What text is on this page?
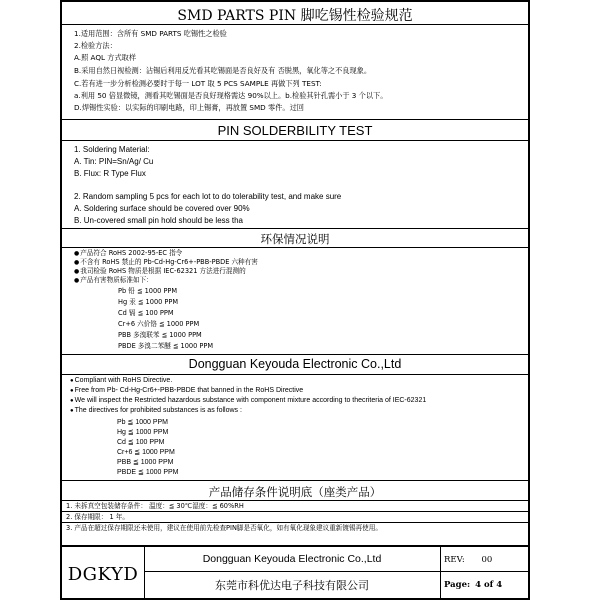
SMD PARTS PIN 脚吃锡性检验规范
1.适用范围：含所有 SMD PARTS 吃锡性之检验
2.检验方法：
A.照 AQL 方式取样
B.采用自然日视检测：沾锡后利用反光看其吃锡面是否良好及有 否脱黑，氧化等之不良现象。
C.若有进一步分析检测必要时于每一 LOT 取 5 PCS SAMPLE 再做下列 TEST:
a.利用 50 倍显微镜，测看其吃锡面是否良好现格需达 90%以上。b.检验其针孔需小于 3 个以下。
D.焊锡性实验：以实际的印刷电路，印上锡膏，再放置 SMD 零件。过回
PIN SOLDERBILITY TEST
1. Soldering Material:
A. Tin: PIN=Sn/Ag/ Cu
B. Flux: R Type Flux
2. Random sampling 5 pcs for each lot to do tolerability test, and make sure
A. Soldering surface should be covered over 90%
B. Un-covered small pin hold should be less tha
环保情况说明
● 产品符合 RoHS 2002-95-EC 指令
● 不含有 RoHS 禁止的 Pb-Cd-Hg-Cr6+-PBB-PBDE 六种有害
● 我司检验 RoHS 物质是根据 IEC-62321 方法进行混测的
● 产品有害物质标准如下：
Pb 铅 ≦ 1000 PPM
Hg 汞 ≦ 1000 PPM
Cd 镉 ≦ 100 PPM
Cr+6 六价铬 ≦ 1000 PPM
PBB 多溴联苯 ≦ 1000 PPM
PBDE 多溴二苯醚 ≦ 1000 PPM
Dongguan Keyouda Electronic Co.,Ltd
● Compliant with RoHS Directive.
● Free from Pb- Cd-Hg-Cr6+-PBB-PBDE that banned in the RoHS Directive
● We will inspect the Restricted hazardous substance with component mixture according to thecriteria of IEC-62321
● The directives for prohibited substances is as follows :
Pb ≦ 1000 PPM
Hg ≦ 1000 PPM
Cd ≦ 100 PPM
Cr+6 ≦ 1000 PPM
PBB ≦ 1000 PPM
PBDE ≦ 1000 PPM
产品储存条件说明底（座类产品）
1. 未拆真空包装储存条件： 温度：≦ 30℃湿度：≦ 60%RH
2. 保存期限： 1 年。
3. 产品在超过保存期限还未使用，建议在使用前先检查PIN脚是否氧化，如有氧化现象建议重新镀锡再使用。
DGKYD
Dongguan Keyouda Electronic Co.,Ltd
东莞市科优达电子科技有限公司
REV: 00
Page: 4 of 4
